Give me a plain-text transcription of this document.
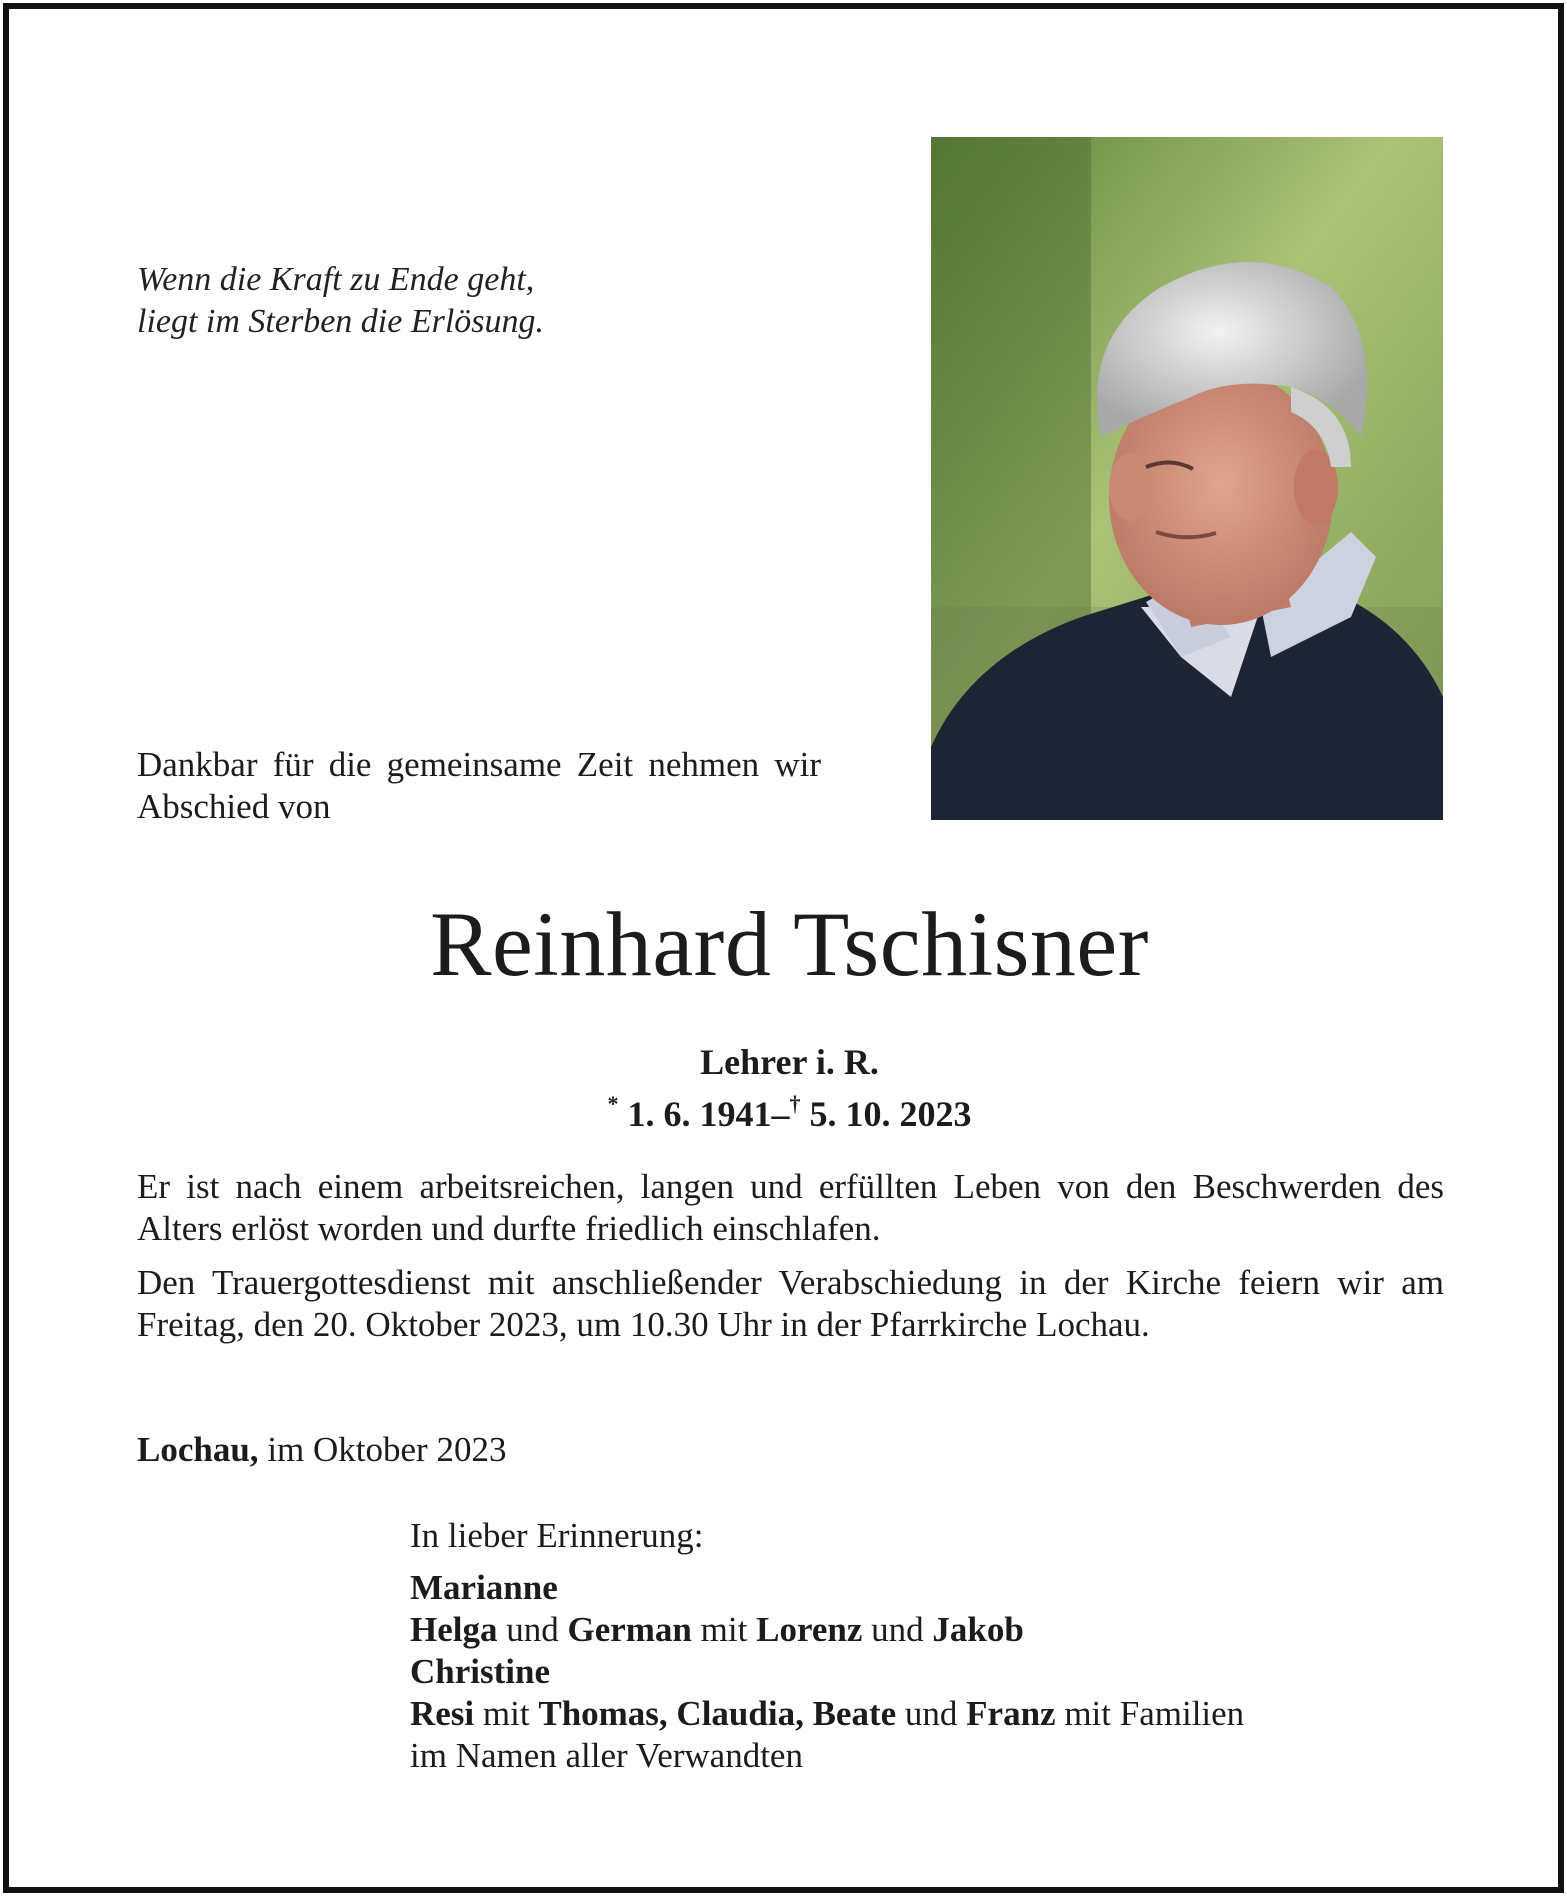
Wenn die Kraft zu Ende geht,
liegt im Sterben die Erlösung.
Dankbar für die gemeinsame Zeit nehmen wir Abschied von
Reinhard Tschisner
Lehrer i. R.
* 1. 6. 1941–† 5. 10. 2023

Er ist nach einem arbeitsreichen, langen und erfüllten Leben von den Beschwerden des Alters erlöst worden und durfte friedlich einschlafen.

Den Trauergottesdienst mit anschließender Verabschiedung in der Kirche feiern wir am Freitag, den 20. Oktober 2023, um 10.30 Uhr in der Pfarrkirche Lochau.

Lochau, im Oktober 2023
In lieber Erinnerung:
Marianne
Helga und German mit Lorenz und Jakob
Christine
Resi mit Thomas, Claudia, Beate und Franz mit Familien
im Namen aller Verwandten
